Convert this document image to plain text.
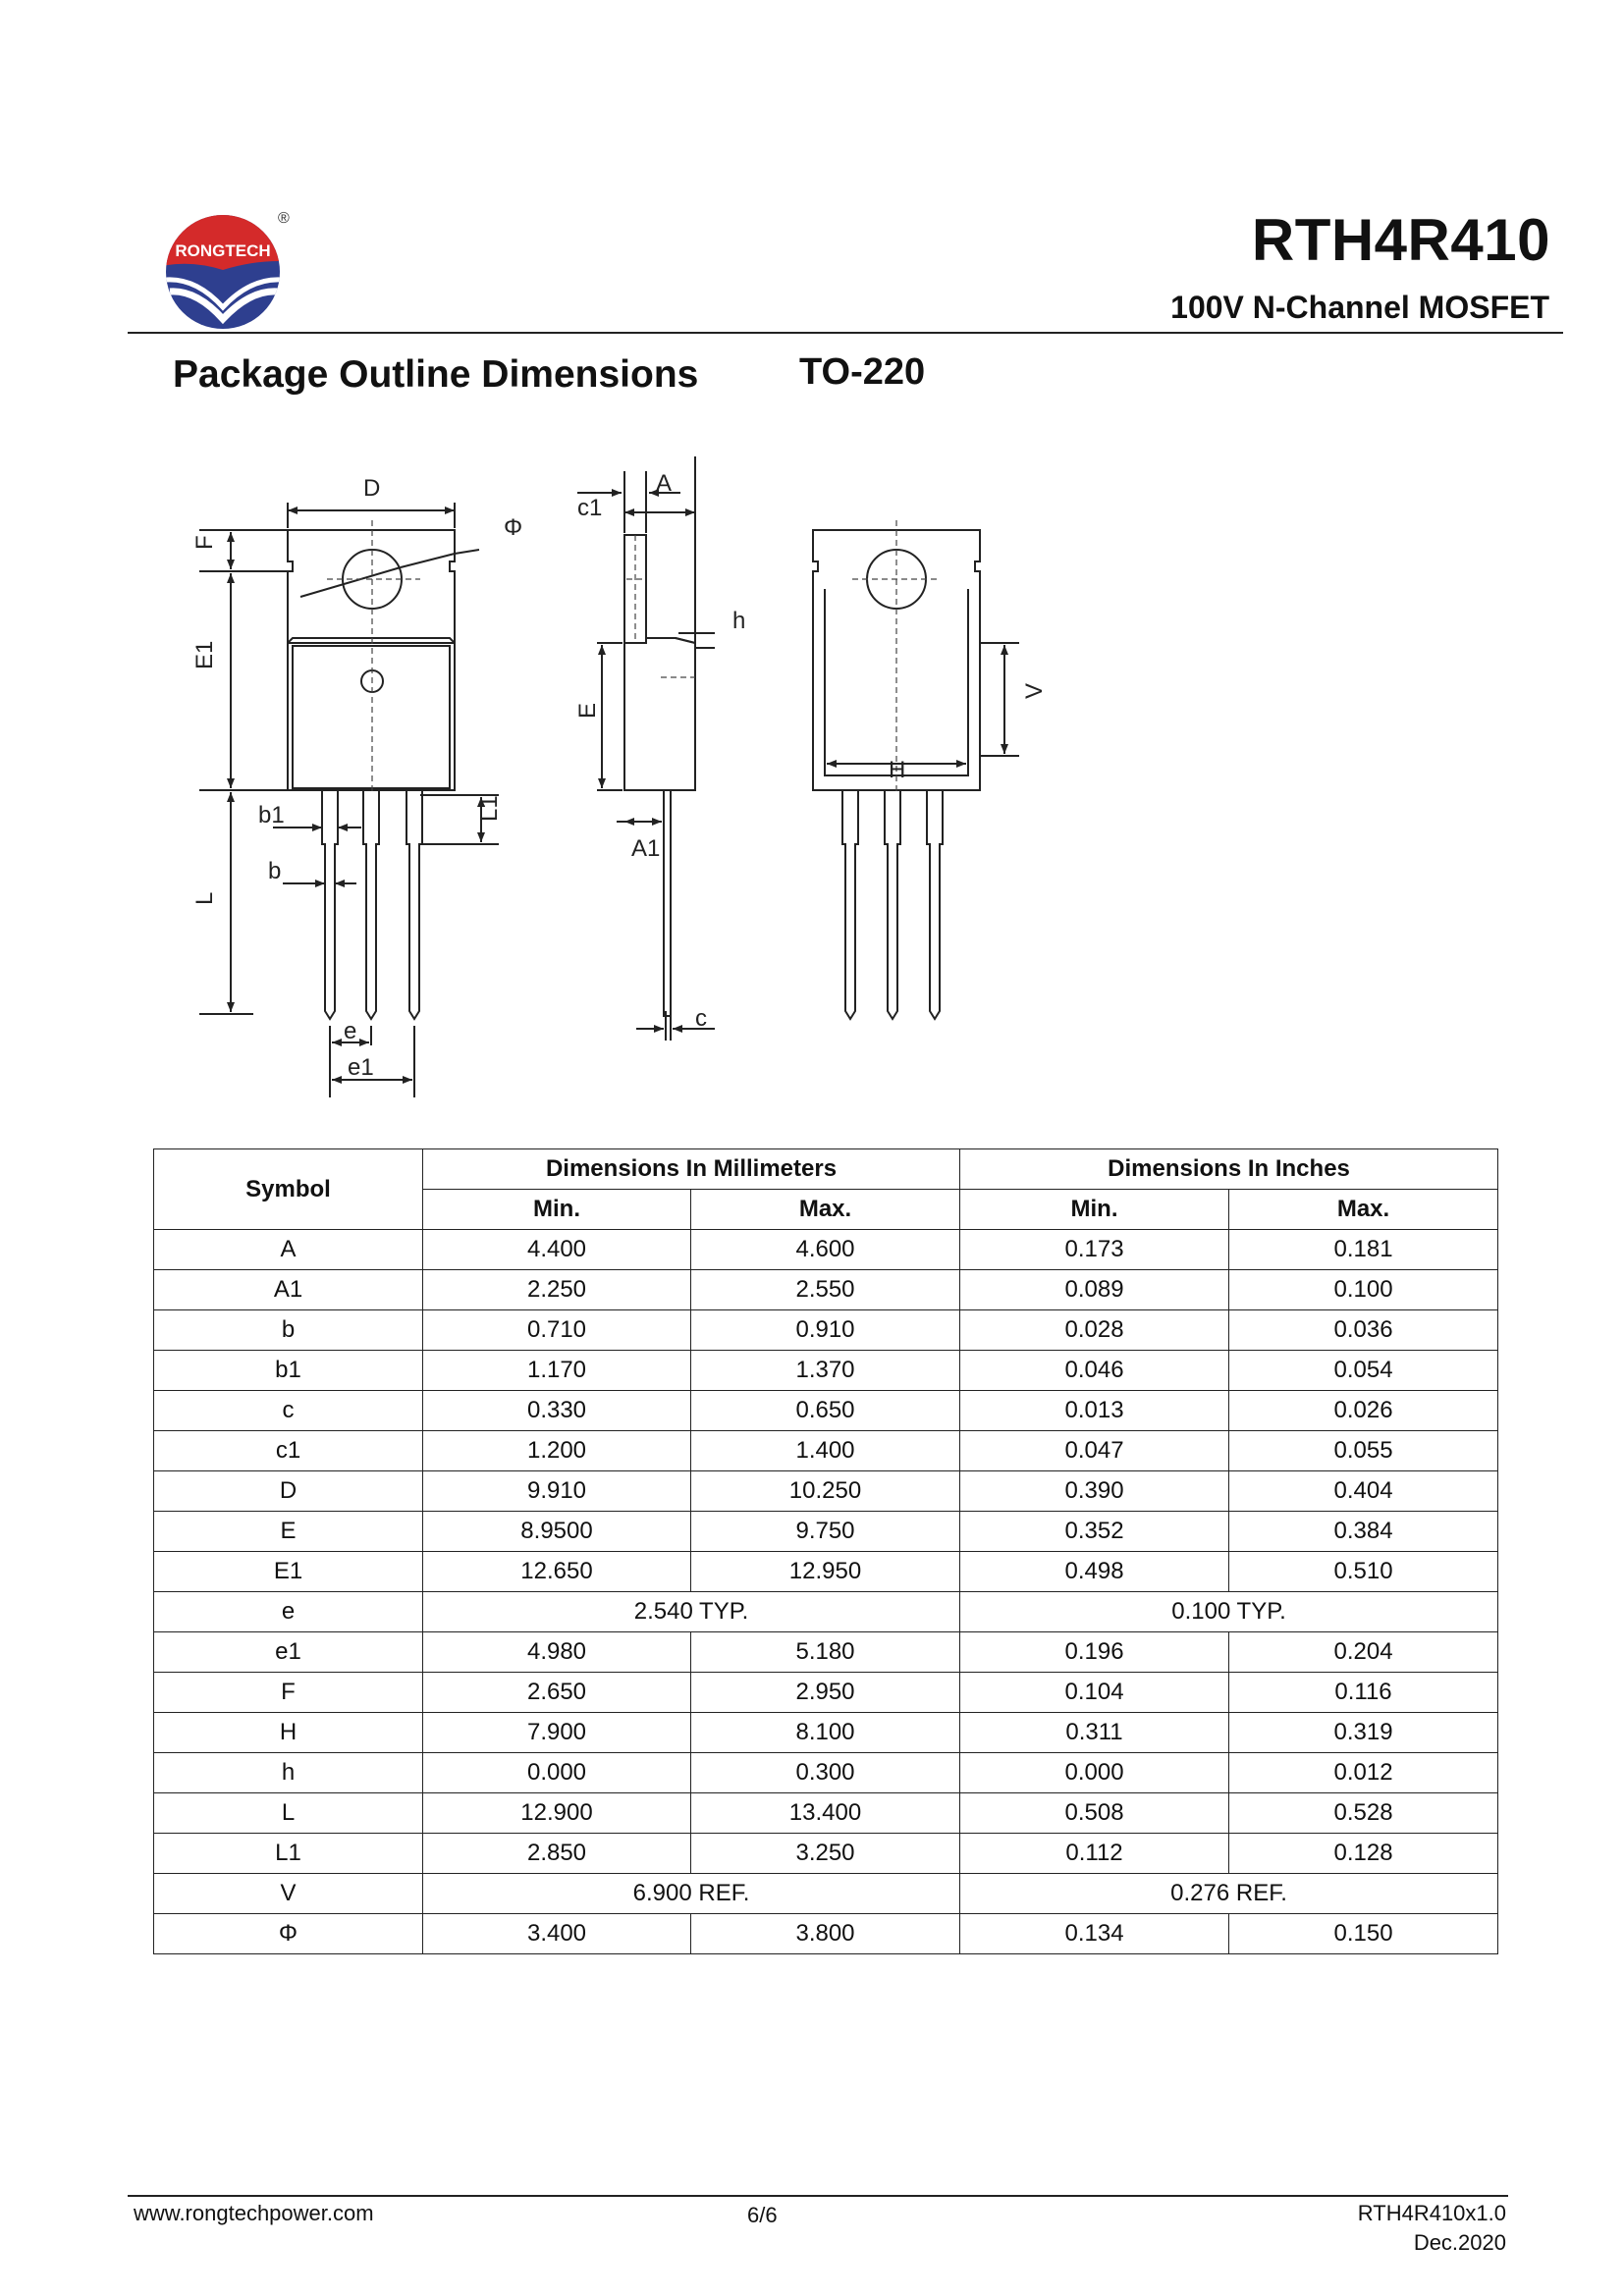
RONGTECH
®	RTH4R410
100V N-Channel MOSFET
Package Outline Dimensions	TO-220
D
Φ
F
E1
b1
b
L
L1
e
e1
A
c1
h
E
A1
c
H
V
Symbol	Dimensions In Millimeters		Dimensions In Inches	
	Min.	Max.	Min.	Max.
A	4.400	4.600	0.173	0.181
A1	2.250	2.550	0.089	0.100
b	0.710	0.910	0.028	0.036
b1	1.170	1.370	0.046	0.054
c	0.330	0.650	0.013	0.026
c1	1.200	1.400	0.047	0.055
D	9.910	10.250	0.390	0.404
E	8.9500	9.750	0.352	0.384
E1	12.650	12.950	0.498	0.510
e	2.540 TYP.		0.100 TYP.	
e1	4.980	5.180	0.196	0.204
F	2.650	2.950	0.104	0.116
H	7.900	8.100	0.311	0.319
h	0.000	0.300	0.000	0.012
L	12.900	13.400	0.508	0.528
L1	2.850	3.250	0.112	0.128
V	6.900 REF.		0.276 REF.	
Φ	3.400	3.800	0.134	0.150
www.rongtechpower.com	6/6	RTH4R410x1.0
Dec.2020
